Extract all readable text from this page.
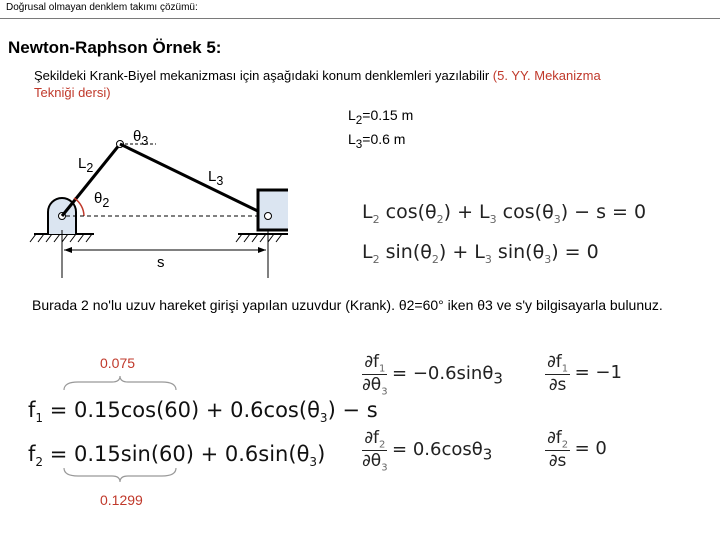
Doğrusal olmayan denklem takımı çözümü:
Newton-Raphson Örnek 5:
Şekildeki Krank-Biyel mekanizması için aşağıdaki konum denklemleri yazılabilir (5. YY. Mekanizma Tekniği dersi)
$L_2=0.15$ m
$L_3=0.6$ m
$\theta_3$
$L_2$	$L_3$
$\theta_2$
s
$L_2$ $\cos(\theta_2) + L_3$ $\cos(\theta_3) - s = 0$
$L_2$ $\sin(\theta_2) + L_3$ $\sin(\theta_3) = 0$
Burada 2 no'lu uzuv hareket girişi yapılan uzuvdur (Krank). θ2=60° iken θ3 ve s'y bilgisayarla bulunuz.
0.075
$f_1 = 0.15\cos(60) + 0.6\cos(\theta_3) - s$
$f_2 = 0.15\sin(60) + 0.6\sin(\theta_3)$
0.1299
$\frac{\partial f_1}{\partial\theta_3} = -0.6\sin\theta_3 \frac{\partial f_1}{\partial s} = -1$
$\frac{\partial f_2}{\partial\theta_3} = 0.6\cos\theta_3$	$\frac{\partial f_2}{\partial s} = 0$
